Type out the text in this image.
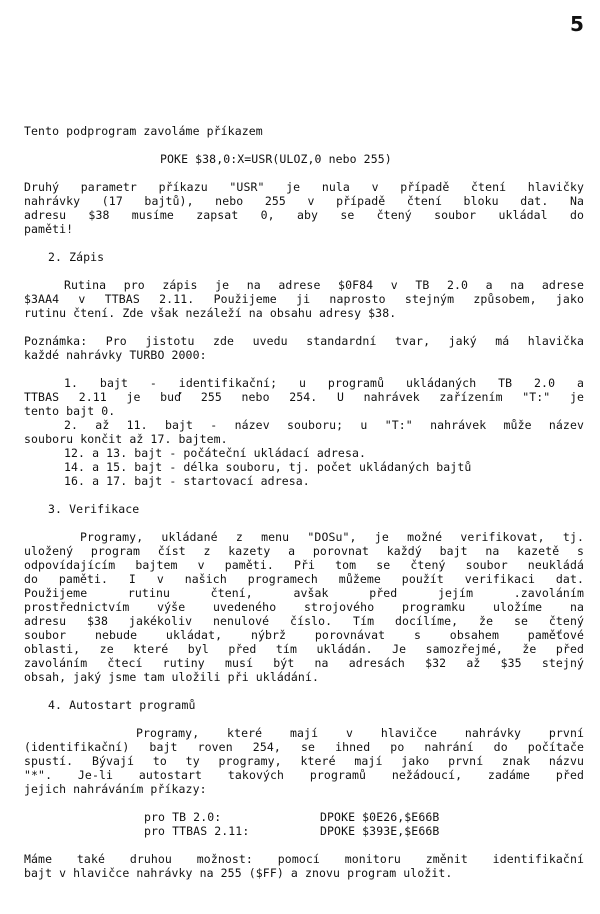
5
Tento podprogram zavoláme příkazem
POKE $38,0:X=USR(ULOZ,0 nebo 255)
Druhý parametr příkazu "USR" je nula v případě čtení hlavičky
nahrávky (17 bajtů), nebo 255 v případě čtení bloku dat. Na
adresu $38 musíme zapsat 0, aby se čtený soubor ukládal do
paměti!
2. Zápis
Rutina pro zápis je na adrese $0F84 v TB 2.0 a na adrese
$3AA4 v TTBAS 2.11. Použijeme ji naprosto stejným způsobem, jako
rutinu čtení. Zde však nezáleží na obsahu adresy $38.
Poznámka: Pro jistotu zde uvedu standardní tvar, jaký má hlavička
každé nahrávky TURBO 2000:
1. bajt - identifikační; u programů ukládaných TB 2.0 a
TTBAS 2.11 je buď 255 nebo 254. U nahrávek zařízením "T:" je
tento bajt 0.
2. až 11. bajt - název souboru; u "T:" nahrávek může název
souboru končit až 17. bajtem.
12. a 13. bajt - počáteční ukládací adresa.
14. a 15. bajt - délka souboru, tj. počet ukládaných bajtů
16. a 17. bajt - startovací adresa.
3. Verifikace
Programy, ukládané z menu "DOSu", je možné verifikovat, tj.
uložený program číst z kazety a porovnat každý bajt na kazetě s
odpovídajícím bajtem v paměti. Při tom se čtený soubor neukládá
do paměti. I v našich programech můžeme použít verifikaci dat.
Použijeme rutinu čtení, avšak před jejím .zavoláním
prostřednictvím výše uvedeného strojového programku uložíme na
adresu $38 jakékoliv nenulové číslo. Tím docílíme, že se čtený
soubor nebude ukládat, nýbrž porovnávat s obsahem paměťové
oblasti, ze které byl před tím ukládán. Je samozřejmé, že před
zavoláním čtecí rutiny musí být na adresách $32 až $35 stejný
obsah, jaký jsme tam uložili při ukládání.
4. Autostart programů
Programy, které mají v hlavičce nahrávky první
(identifikační) bajt roven 254, se ihned po nahrání do počítače
spustí. Bývají to ty programy, které mají jako první znak názvu
"*". Je-li autostart takových programů nežádoucí, zadáme před
jejich nahráváním příkazy:
pro TB 2.0:	DPOKE $0E26,$E66B
pro TTBAS 2.11:	DPOKE $393E,$E66B
Máme také druhou možnost: pomocí monitoru změnit identifikační
bajt v hlavičce nahrávky na 255 ($FF) a znovu program uložit.
